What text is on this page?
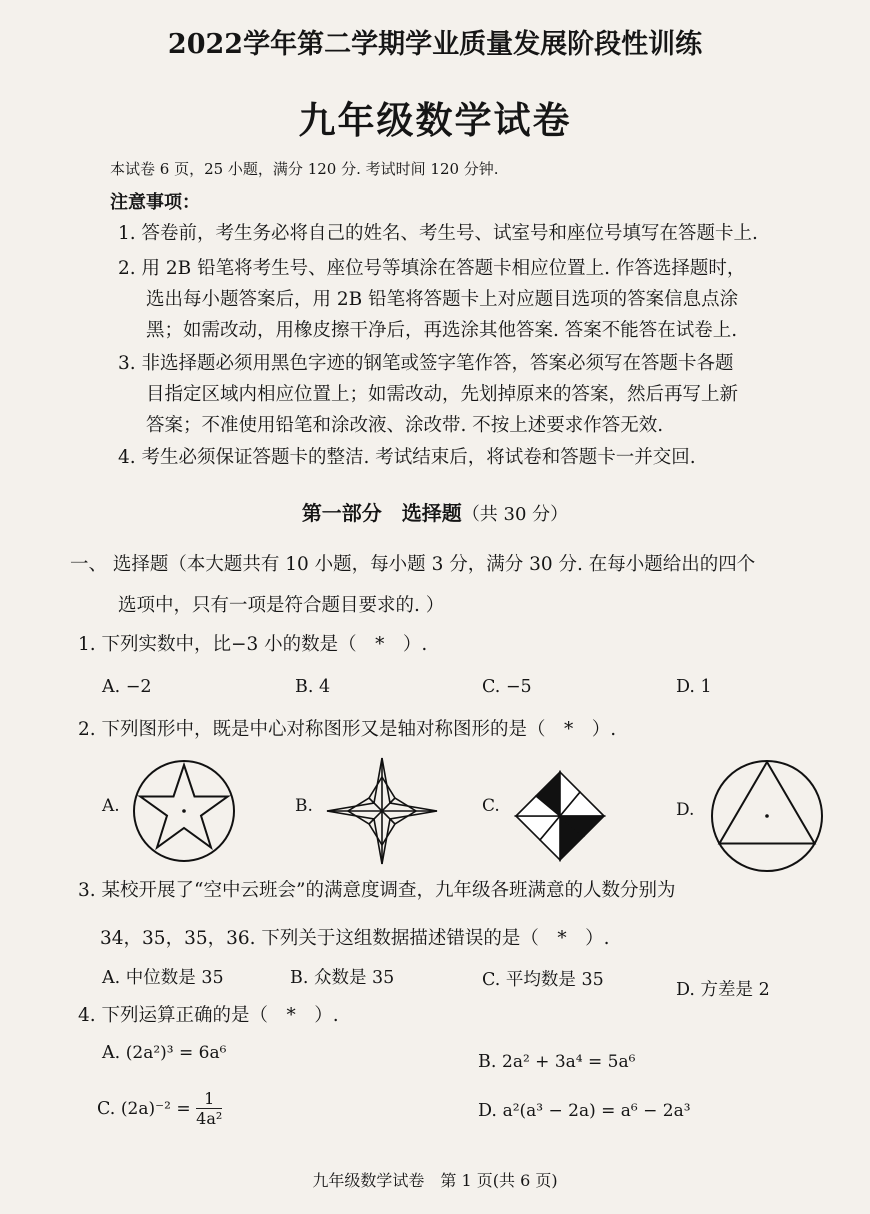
2022学年第二学期学业质量发展阶段性训练
九年级数学试卷
本试卷 6 页，25 小题，满分 120 分. 考试时间 120 分钟.
注意事项：
1. 答卷前，考生务必将自己的姓名、考生号、试室号和座位号填写在答题卡上.
2. 用 2B 铅笔将考生号、座位号等填涂在答题卡相应位置上. 作答选择题时，
选出每小题答案后，用 2B 铅笔将答题卡上对应题目选项的答案信息点涂
黑；如需改动，用橡皮擦干净后，再选涂其他答案. 答案不能答在试卷上.
3. 非选择题必须用黑色字迹的钢笔或签字笔作答，答案必须写在答题卡各题
目指定区域内相应位置上；如需改动，先划掉原来的答案，然后再写上新
答案；不准使用铅笔和涂改液、涂改带. 不按上述要求作答无效.
4. 考生必须保证答题卡的整洁. 考试结束后，将试卷和答题卡一并交回.
第一部分　选择题（共 30 分）
一、 选择题（本大题共有 10 小题，每小题 3 分，满分 30 分. 在每小题给出的四个
选项中，只有一项是符合题目要求的. ）
1. 下列实数中，比−3 小的数是（　*　）.
A. −2	B. 4	C. −5	D. 1
2. 下列图形中，既是中心对称图形又是轴对称图形的是（　*　）.
A.	B.	C.	D.
3. 某校开展了“空中云班会”的满意度调查，九年级各班满意的人数分别为
34，35，35，36. 下列关于这组数据描述错误的是（　*　）.
A. 中位数是 35	B. 众数是 35	C. 平均数是 35	D. 方差是 2
4. 下列运算正确的是（　*　）.
A. (2a²)³ = 6a⁶	B. 2a² + 3a⁴ = 5a⁶
C. $(2a)^{-2} = \frac{1}{\text{4a²}}$	D. a²(a³ − 2a) = a⁶ − 2a³
九年级数学试卷　第 1 页(共 6 页)
